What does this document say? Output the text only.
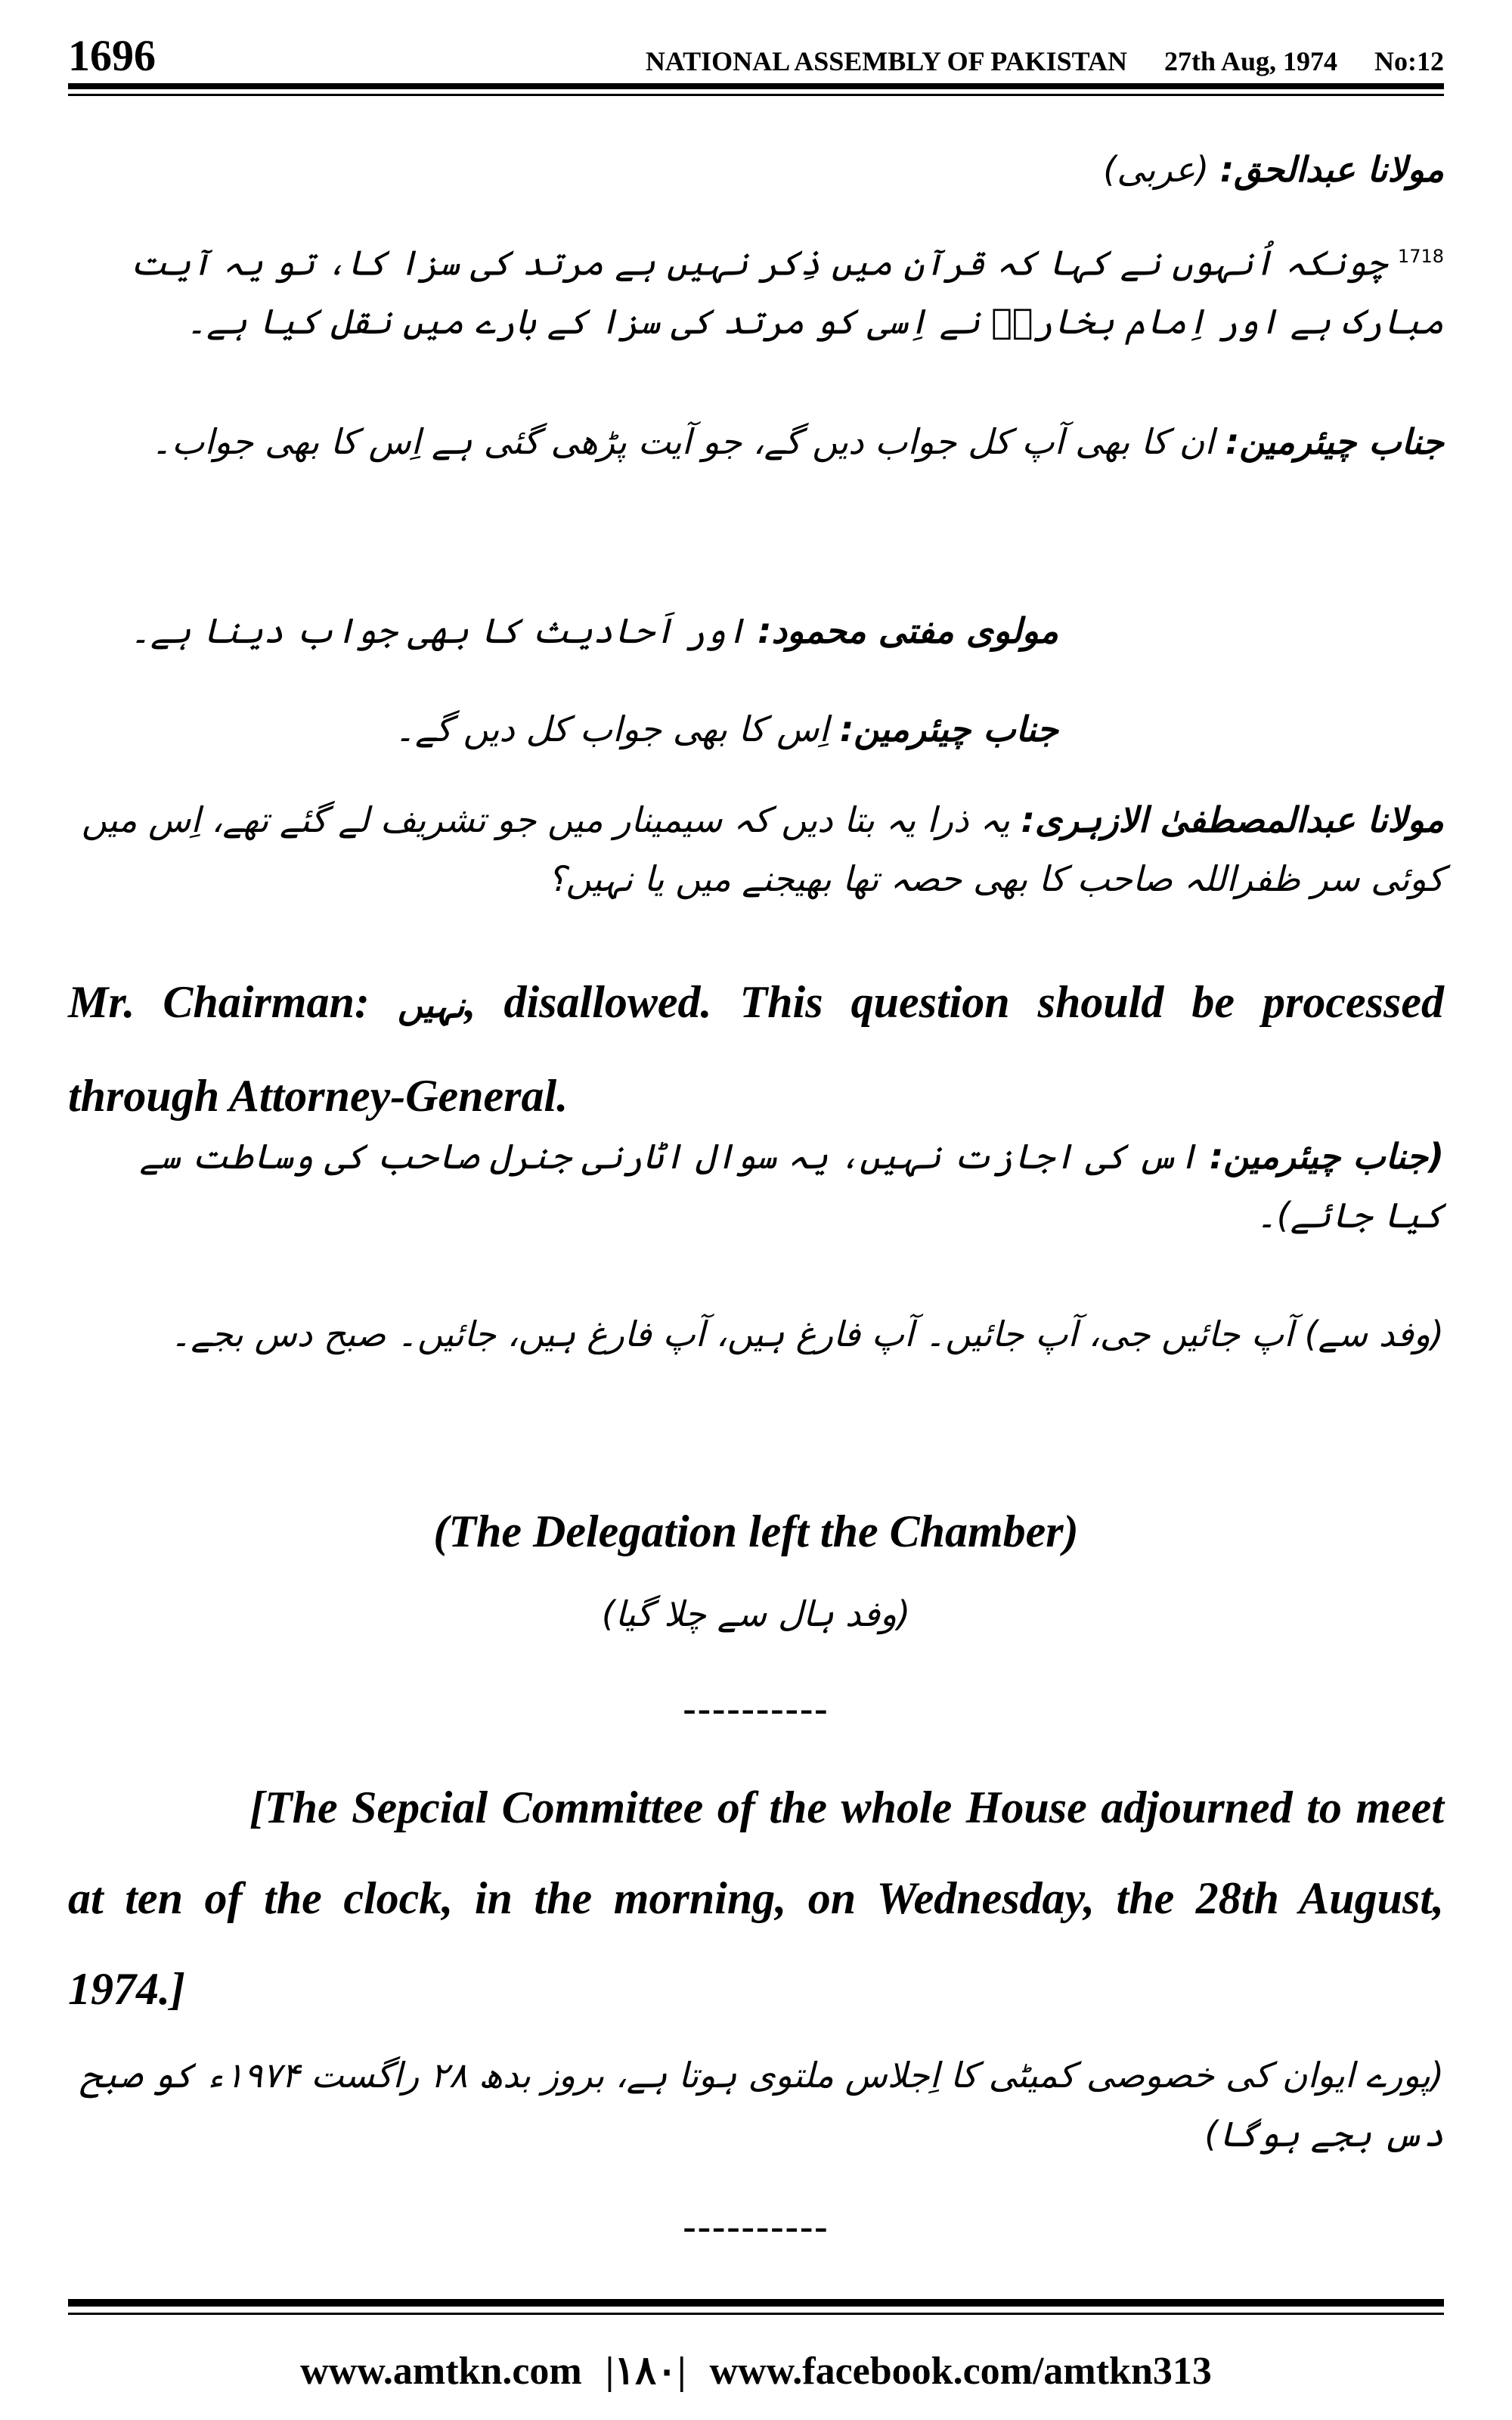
1696	NATIONAL ASSEMBLY OF PAKISTAN 27th Aug, 1974 No:12
مولانا عبدالحق: (عربی)
$^{1718}$ چونکہ اُنہوں نے کہا کہ قرآن میں ذِکر نہیں ہے مرتد کی سزا کا، تو یہ آیت مبارک ہے اور اِمام بخاریؒ نے اِسی کو مرتد کی سزا کے بارے میں نقل کیا ہے۔
جناب چیئرمین: ان کا بھی آپ کل جواب دیں گے، جو آیت پڑھی گئی ہے اِس کا بھی جواب۔
مولوی مفتی محمود: اور اَحادیث کا بھی جواب دینا ہے۔
جناب چیئرمین: اِس کا بھی جواب کل دیں گے۔
مولانا عبدالمصطفیٰ الازہری: یہ ذرا یہ بتا دیں کہ سیمینار میں جو تشریف لے گئے تھے، اِس میں کوئی سر ظفراللہ صاحب کا بھی حصہ تھا بھیجنے میں یا نہیں؟
Mr. Chairman: نہیں, disallowed. This question should be processed through Attorney-General.
(جناب چیئرمین: اس کی اجازت نہیں، یہ سوال اٹارنی جنرل صاحب کی وساطت سے کیا جائے)۔
(وفد سے) آپ جائیں جی، آپ جائیں۔ آپ فارغ ہیں، آپ فارغ ہیں، جائیں۔ صبح دس بجے۔
(The Delegation left the Chamber)
(وفد ہال سے چلا گیا)
----------
[The Sepcial Committee of the whole House adjourned to meet at ten of the clock, in the morning, on Wednesday, the 28th August, 1974.]
(پورے ایوان کی خصوصی کمیٹی کا اِجلاس ملتوی ہوتا ہے، بروز بدھ ۲۸ راگست ۱۹۷۴ء کو صبح دس بجے ہوگا)
----------
www.amtkn.com |۱۸۰| www.facebook.com/amtkn313
